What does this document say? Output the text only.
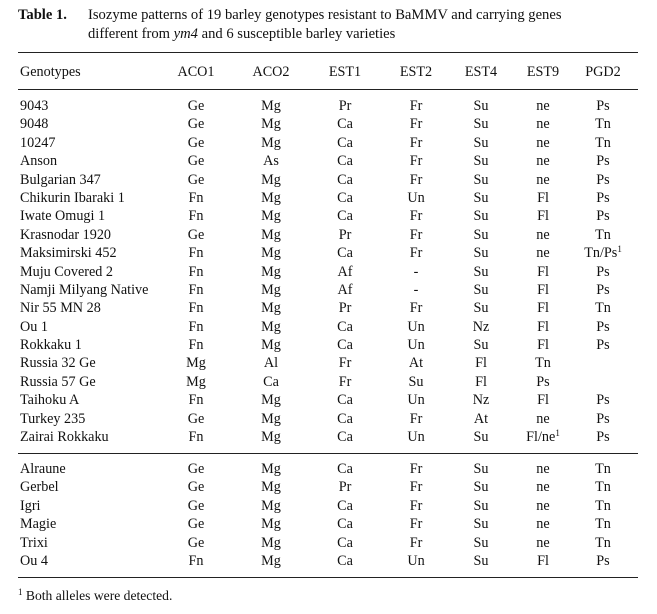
Table 1. Isozyme patterns of 19 barley genotypes resistant to BaMMV and carrying genes
different from ym4 and 6 susceptible barley varieties
Genotypes	ACO1	ACO2	EST1	EST2	EST4	EST9	PGD2
9043	Ge	Mg	Pr	Fr	Su	ne	Ps
9048	Ge	Mg	Ca	Fr	Su	ne	Tn
10247	Ge	Mg	Ca	Fr	Su	ne	Tn
Anson	Ge	As	Ca	Fr	Su	ne	Ps
Bulgarian 347	Ge	Mg	Ca	Fr	Su	ne	Ps
Chikurin Ibaraki 1	Fn	Mg	Ca	Un	Su	Fl	Ps
Iwate Omugi 1	Fn	Mg	Ca	Fr	Su	Fl	Ps
Krasnodar 1920	Ge	Mg	Pr	Fr	Su	ne	Tn
Maksimirski 452	Fn	Mg	Ca	Fr	Su	ne	Tn/Ps$^1$
Muju Covered 2	Fn	Mg	Af	-	Su	Fl	Ps
Namji Milyang Native	Fn	Mg	Af	-	Su	Fl	Ps
Nir 55 MN 28	Fn	Mg	Pr	Fr	Su	Fl	Tn
Ou 1	Fn	Mg	Ca	Un	Nz	Fl	Ps
Rokkaku 1	Fn	Mg	Ca	Un	Su	Fl	Ps
Russia 32 Ge	Mg	Al	Fr	At	Fl	Tn
Russia 57 Ge	Mg	Ca	Fr	Su	Fl	Ps
Taihoku A	Fn	Mg	Ca	Un	Nz	Fl	Ps
Turkey 235	Ge	Mg	Ca	Fr	At	ne	Ps
Zairai Rokkaku	Fn	Mg	Ca	Un	Su	$Fl/ne^1$	Ps
Alraune	Ge	Mg	Ca	Fr	Su	ne	Tn
Gerbel	Ge	Mg	Pr	Fr	Su	ne	Tn
Igri	Ge	Mg	Ca	Fr	Su	ne	Tn
Magie	Ge	Mg	Ca	Fr	Su	ne	Tn
Trixi	Ge	Mg	Ca	Fr	Su	ne	Tn
Ou 4	Fn	Mg	Ca	Un	Su	Fl	Ps
$^1$ Both alleles were detected.
